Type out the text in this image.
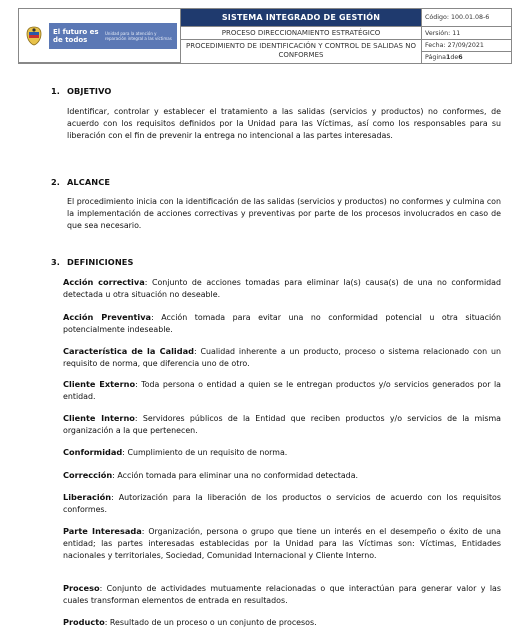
El futuro es de todos
Unidad para la atención y reparación integral a las víctimas
SISTEMA INTEGRADO DE GESTIÓN
PROCESO DIRECCIONAMIENTO ESTRATÉGICO
PROCEDIMIENTO DE IDENTIFICACIÓN Y CONTROL DE SALIDAS NO CONFORMES
Código: 100.01.08-6
Versión: 11
Fecha: 27/09/2021
Página 1 de 6
1. OBJETIVO
Identificar, controlar y establecer el tratamiento a las salidas (servicios y productos) no conformes, de acuerdo con los requisitos definidos por la Unidad para las Víctimas, así como los responsables para su liberación con el fin de prevenir la entrega no intencional a las partes interesadas.
2. ALCANCE
El procedimiento inicia con la identificación de las salidas (servicios y productos) no conformes y culmina con la implementación de acciones correctivas y preventivas por parte de los procesos involucrados en caso de que sea necesario.
3. DEFINICIONES
Acción correctiva: Conjunto de acciones tomadas para eliminar la(s) causa(s) de una no conformidad detectada u otra situación no deseable.
Acción Preventiva: Acción tomada para evitar una no conformidad potencial u otra situación potencialmente indeseable.
Característica de la Calidad: Cualidad inherente a un producto, proceso o sistema relacionado con un requisito de norma, que diferencia uno de otro.
Cliente Externo: Toda persona o entidad a quien se le entregan productos y/o servicios generados por la entidad.
Cliente Interno: Servidores públicos de la Entidad que reciben productos y/o servicios de la misma organización a la que pertenecen.
Conformidad: Cumplimiento de un requisito de norma.
Corrección: Acción tomada para eliminar una no conformidad detectada.
Liberación: Autorización para la liberación de los productos o servicios de acuerdo con los requisitos conformes.
Parte Interesada: Organización, persona o grupo que tiene un interés en el desempeño o éxito de una entidad; las partes interesadas establecidas por la Unidad para las Víctimas son: Víctimas, Entidades nacionales y territoriales, Sociedad, Comunidad Internacional y Cliente Interno.
Proceso: Conjunto de actividades mutuamente relacionadas o que interactúan para generar valor y las cuales transforman elementos de entrada en resultados.
Producto: Resultado de un proceso o un conjunto de procesos.
